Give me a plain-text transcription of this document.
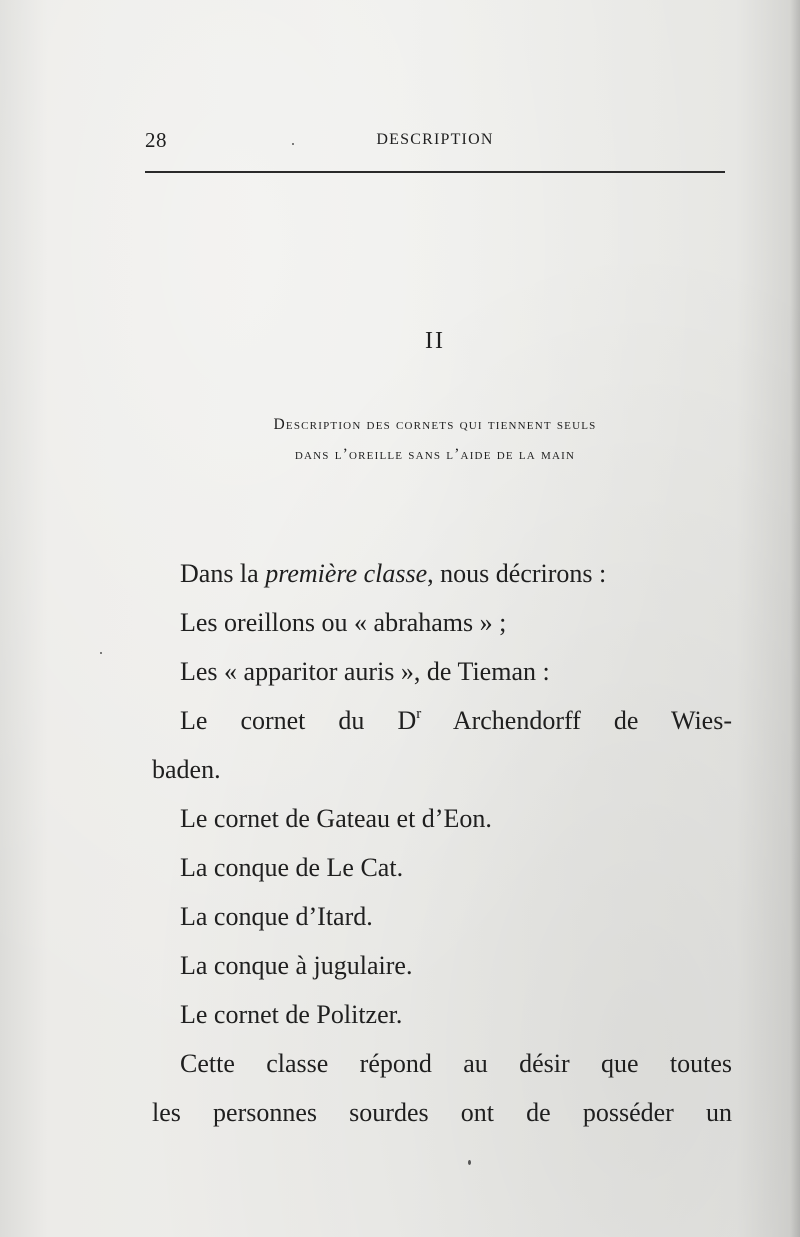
28	DESCRIPTION
II
Description des cornets qui tiennent seuls
dans l’oreille sans l’aide de la main
Dans la première classe, nous décrirons :
Les oreillons ou « abrahams » ;
Les « apparitor auris », de Tieman :
Le cornet du $D^r$ Archendorff de Wies-
baden.
Le cornet de Gateau et d’Eon.
La conque de Le Cat.
La conque d’Itard.
La conque à jugulaire.
Le cornet de Politzer.
Cette classe répond au désir que toutes
les personnes sourdes ont de posséder un
